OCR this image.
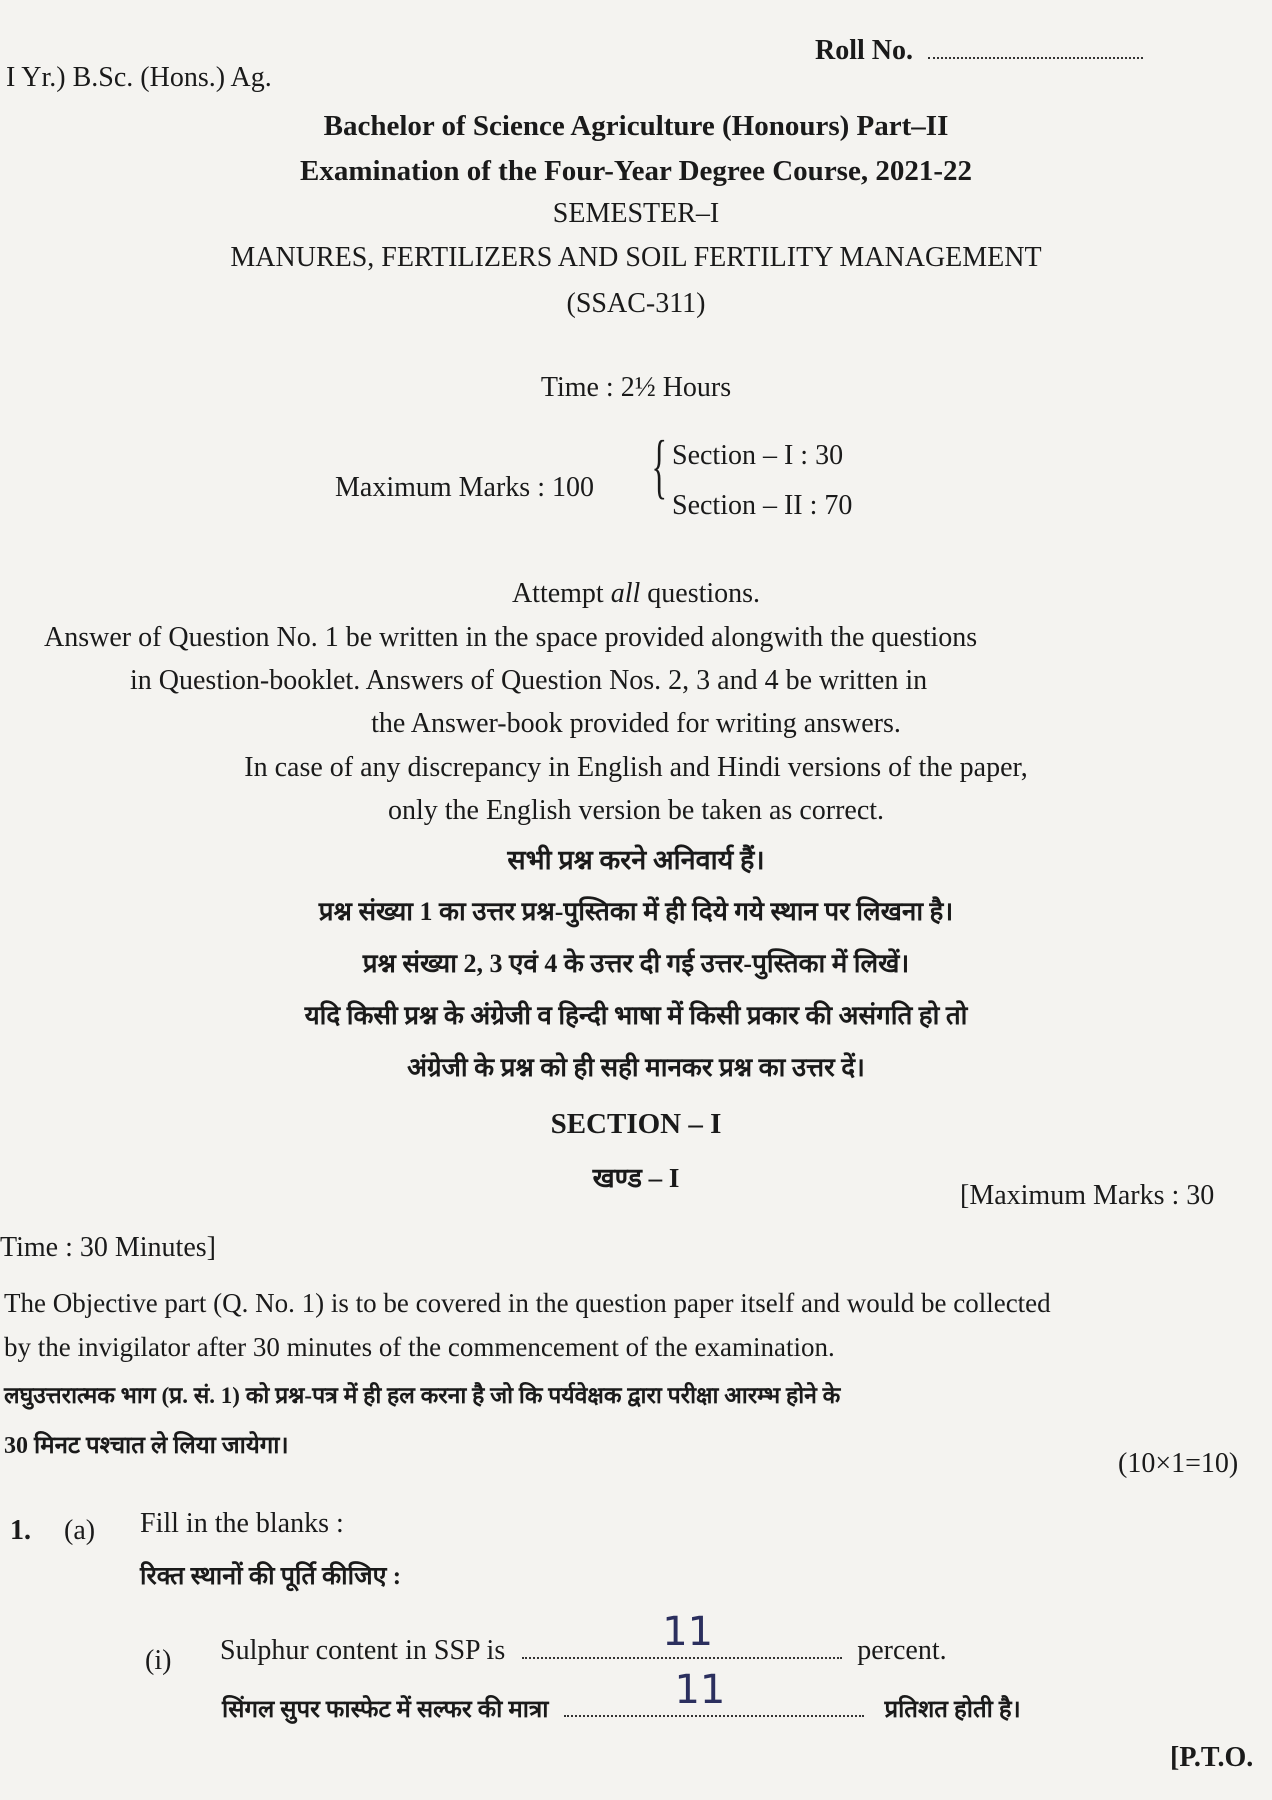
Roll No.
I Yr.) B.Sc. (Hons.) Ag.
Bachelor of Science Agriculture (Honours) Part–II
Examination of the Four-Year Degree Course, 2021-22
SEMESTER–I
MANURES, FERTILIZERS AND SOIL FERTILITY MANAGEMENT
(SSAC-311)
Time : 2½ Hours
Maximum Marks : 100 { Section – I : 30
Section – II : 70
Attempt all questions.
Answer of Question No. 1 be written in the space provided alongwith the questions
in Question-booklet. Answers of Question Nos. 2, 3 and 4 be written in
the Answer-book provided for writing answers.
In case of any discrepancy in English and Hindi versions of the paper,
only the English version be taken as correct.
सभी प्रश्न करने अनिवार्य हैं।
प्रश्न संख्या 1 का उत्तर प्रश्न-पुस्तिका में ही दिये गये स्थान पर लिखना है।
प्रश्न संख्या 2, 3 एवं 4 के उत्तर दी गई उत्तर-पुस्तिका में लिखें।
यदि किसी प्रश्न के अंग्रेजी व हिन्दी भाषा में किसी प्रकार की असंगति हो तो
अंग्रेजी के प्रश्न को ही सही मानकर प्रश्न का उत्तर दें।
SECTION – I
खण्ड – I
[Maximum Marks : 30
Time : 30 Minutes]
The Objective part (Q. No. 1) is to be covered in the question paper itself and would be collected
by the invigilator after 30 minutes of the commencement of the examination.
लघुउत्तरात्मक भाग (प्र. सं. 1) को प्रश्न-पत्र में ही हल करना है जो कि पर्यवेक्षक द्वारा परीक्षा आरम्भ होने के
30 मिनट पश्चात ले लिया जायेगा।
(10×1=10)
1. (a) Fill in the blanks :
रिक्त स्थानों की पूर्ति कीजिए :
(i) Sulphur content in SSP is	11	percent.
सिंगल सुपर फास्फेट में सल्फर की मात्रा	11	प्रतिशत होती है।
[P.T.O.
